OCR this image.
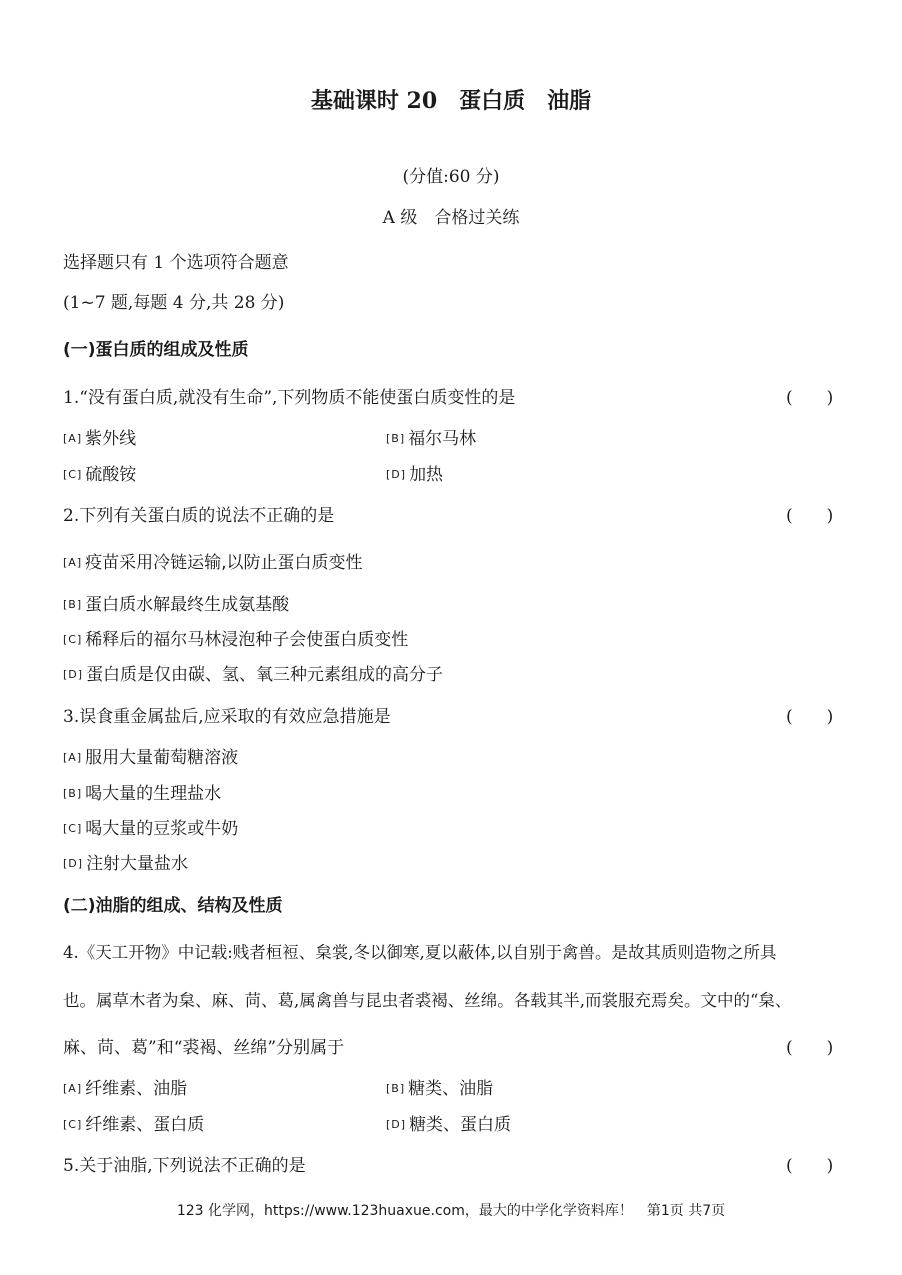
基础课时 20　蛋白质　油脂
(分值:60 分)
A 级　合格过关练
选择题只有 1 个选项符合题意
(1~7 题,每题 4 分,共 28 分)
(一)蛋白质的组成及性质
1.“没有蛋白质,就没有生命”,下列物质不能使蛋白质变性的是	(　　)
[A] 紫外线	[B] 福尔马林
[C] 硫酸铵	[D] 加热
2.下列有关蛋白质的说法不正确的是	(　　)
[A] 疫苗采用冷链运输,以防止蛋白质变性
[B] 蛋白质水解最终生成氨基酸
[C] 稀释后的福尔马林浸泡种子会使蛋白质变性
[D] 蛋白质是仅由碳、氢、氧三种元素组成的高分子
3.误食重金属盐后,应采取的有效应急措施是	(　　)
[A] 服用大量葡萄糖溶液
[B] 喝大量的生理盐水
[C] 喝大量的豆浆或牛奶
[D] 注射大量盐水
(二)油脂的组成、结构及性质
4.《天工开物》中记载:贱者桓裋、枲裳,冬以御寒,夏以蔽体,以自别于禽兽。是故其质则造物之所具
也。属草木者为枲、麻、苘、葛,属禽兽与昆虫者裘褐、丝绵。各载其半,而裳服充焉矣。文中的“枲、
麻、苘、葛”和“裘褐、丝绵”分别属于	(　　)
[A] 纤维素、油脂	[B] 糖类、油脂
[C] 纤维素、蛋白质	[D] 糖类、蛋白质
5.关于油脂,下列说法不正确的是	(　　)
123 化学网，https://www.123huaxue.com，最大的中学化学资料库！　第1页 共7页
